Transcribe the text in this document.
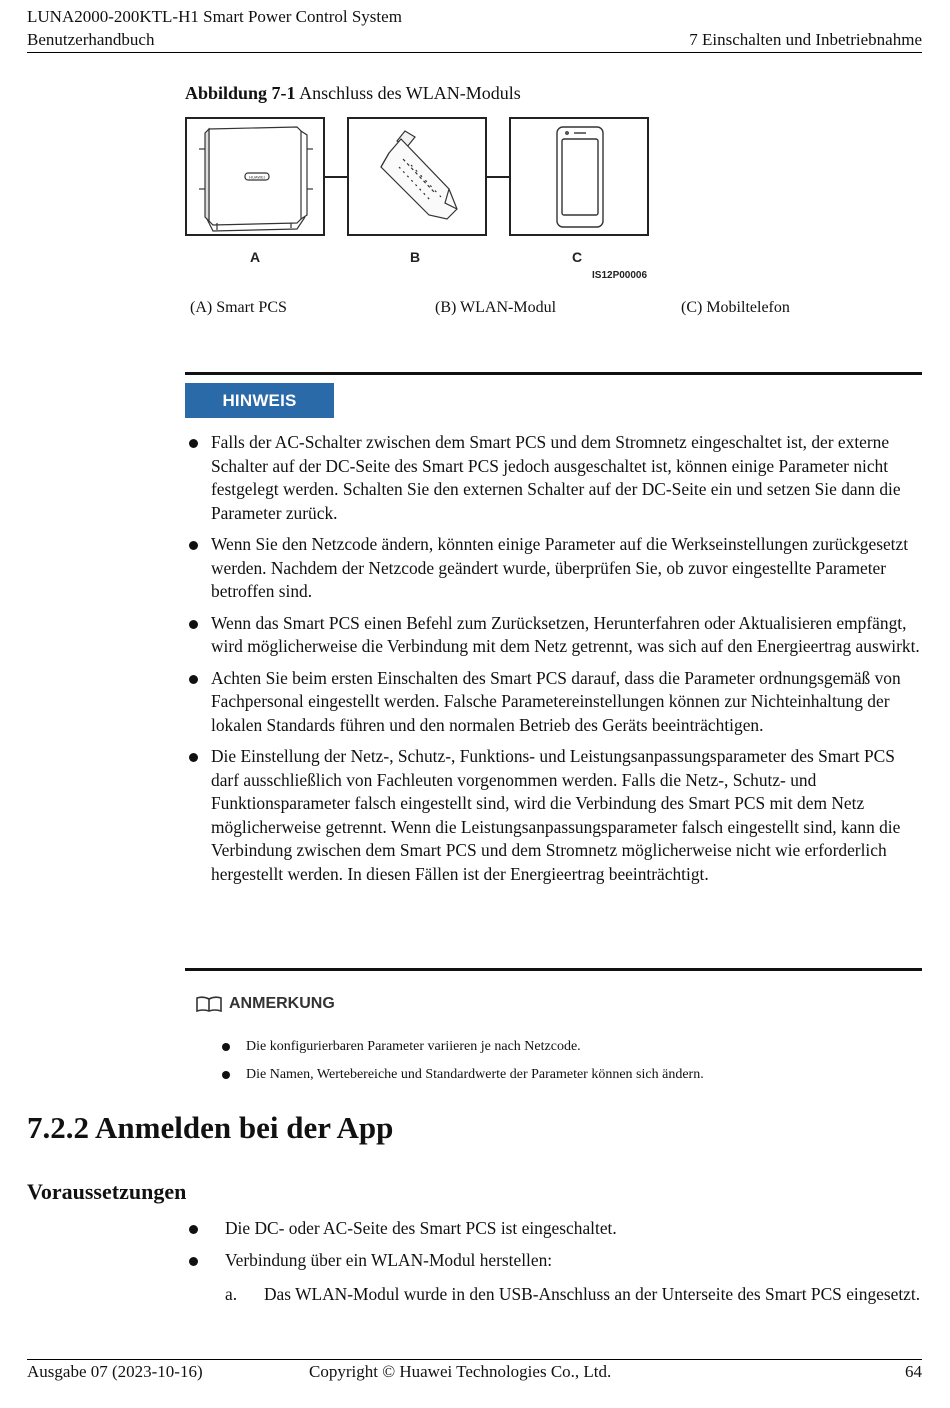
LUNA2000-200KTL-H1 Smart Power Control System
Benutzerhandbuch	7 Einschalten und Inbetriebnahme
Abbildung 7-1 Anschluss des WLAN-Moduls
HUAWEI
A	B	C
IS12P00006
(A) Smart PCS	(B) WLAN-Modul	(C) Mobiltelefon
HINWEIS
Falls der AC-Schalter zwischen dem Smart PCS und dem Stromnetz eingeschaltet ist, der externe Schalter auf der DC-Seite des Smart PCS jedoch ausgeschaltet ist, können einige Parameter nicht festgelegt werden. Schalten Sie den externen Schalter auf der DC-Seite ein und setzen Sie dann die Parameter zurück.
Wenn Sie den Netzcode ändern, könnten einige Parameter auf die Werkseinstellungen zurückgesetzt werden. Nachdem der Netzcode geändert wurde, überprüfen Sie, ob zuvor eingestellte Parameter betroffen sind.
Wenn das Smart PCS einen Befehl zum Zurücksetzen, Herunterfahren oder Aktualisieren empfängt, wird möglicherweise die Verbindung mit dem Netz getrennt, was sich auf den Energieertrag auswirkt.
Achten Sie beim ersten Einschalten des Smart PCS darauf, dass die Parameter ordnungsgemäß von Fachpersonal eingestellt werden. Falsche Parametereinstellungen können zur Nichteinhaltung der lokalen Standards führen und den normalen Betrieb des Geräts beeinträchtigen.
Die Einstellung der Netz-, Schutz-, Funktions- und Leistungsanpassungsparameter des Smart PCS darf ausschließlich von Fachleuten vorgenommen werden. Falls die Netz-, Schutz- und Funktionsparameter falsch eingestellt sind, wird die Verbindung des Smart PCS mit dem Netz möglicherweise getrennt. Wenn die Leistungsanpassungsparameter falsch eingestellt sind, kann die Verbindung zwischen dem Smart PCS und dem Stromnetz möglicherweise nicht wie erforderlich hergestellt werden. In diesen Fällen ist der Energieertrag beeinträchtigt.
ANMERKUNG
Die konfigurierbaren Parameter variieren je nach Netzcode.
Die Namen, Wertebereiche und Standardwerte der Parameter können sich ändern.
7.2.2 Anmelden bei der App
Voraussetzungen
Die DC- oder AC-Seite des Smart PCS ist eingeschaltet.
Verbindung über ein WLAN-Modul herstellen:
a.	Das WLAN-Modul wurde in den USB-Anschluss an der Unterseite des Smart PCS eingesetzt.
Ausgabe 07 (2023-10-16)	Copyright © Huawei Technologies Co., Ltd.	64
